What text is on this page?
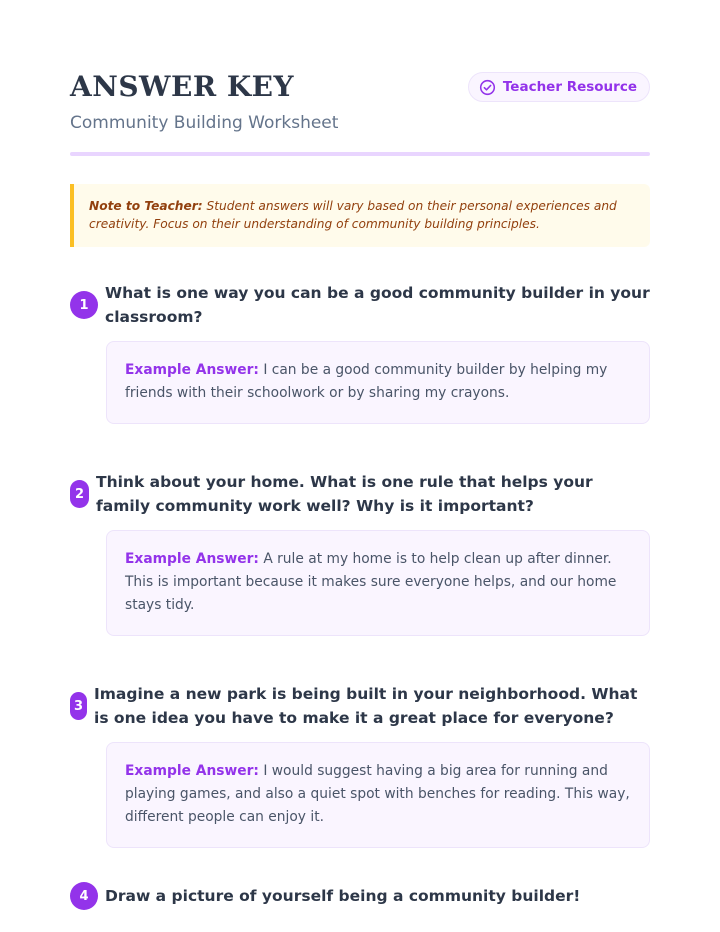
ANSWER KEY
Community Building Worksheet
Teacher Resource
Note to Teacher: Student answers will vary based on their personal experiences and creativity. Focus on their understanding of community building principles.
1
What is one way you can be a good community builder in your classroom?
Example Answer: I can be a good community builder by helping my friends with their schoolwork or by sharing my crayons.
2
Think about your home. What is one rule that helps your family community work well? Why is it important?
Example Answer: A rule at my home is to help clean up after dinner. This is important because it makes sure everyone helps, and our home stays tidy.
3
Imagine a new park is being built in your neighborhood. What is one idea you have to make it a great place for everyone?
Example Answer: I would suggest having a big area for running and playing games, and also a quiet spot with benches for reading. This way, different people can enjoy it.
4	Draw a picture of yourself being a community builder!
